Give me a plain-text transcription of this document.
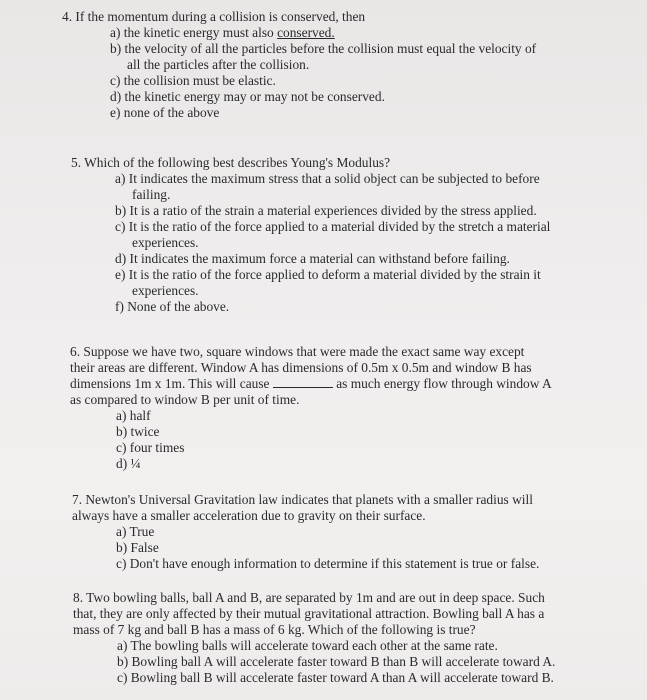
4. If the momentum during a collision is conserved, then
a) the kinetic energy must also conserved.
b) the velocity of all the particles before the collision must equal the velocity of
all the particles after the collision.
c) the collision must be elastic.
d) the kinetic energy may or may not be conserved.
e) none of the above
5. Which of the following best describes Young's Modulus?
a) It indicates the maximum stress that a solid object can be subjected to before
failing.
b) It is a ratio of the strain a material experiences divided by the stress applied.
c) It is the ratio of the force applied to a material divided by the stretch a material
experiences.
d) It indicates the maximum force a material can withstand before failing.
e) It is the ratio of the force applied to deform a material divided by the strain it
experiences.
f) None of the above.
6. Suppose we have two, square windows that were made the exact same way except
their areas are different. Window A has dimensions of 0.5m x 0.5m and window B has
dimensions 1m x 1m. This will cause	as much energy flow through window A
as compared to window B per unit of time.
a) half
b) twice
c) four times
d) ¼
7. Newton's Universal Gravitation law indicates that planets with a smaller radius will
always have a smaller acceleration due to gravity on their surface.
a) True
b) False
c) Don't have enough information to determine if this statement is true or false.
8. Two bowling balls, ball A and B, are separated by 1m and are out in deep space. Such
that, they are only affected by their mutual gravitational attraction. Bowling ball A has a
mass of 7 kg and ball B has a mass of 6 kg. Which of the following is true?
a) The bowling balls will accelerate toward each other at the same rate.
b) Bowling ball A will accelerate faster toward B than B will accelerate toward A.
c) Bowling ball B will accelerate faster toward A than A will accelerate toward B.
